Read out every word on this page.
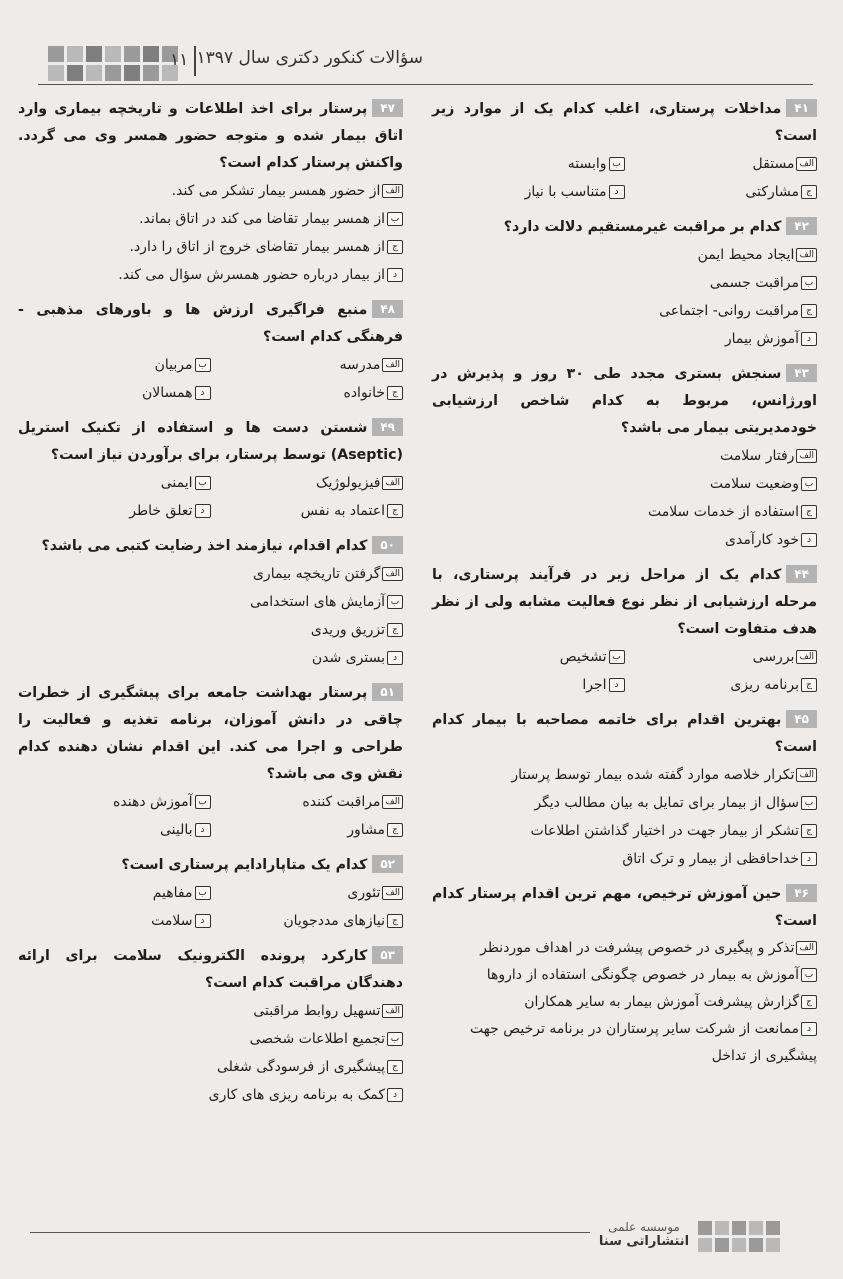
۱۱ سؤالات کنکور دکتری سال ۱۳۹۷
۴۱مداخلات پرستاری، اغلب کدام یک از موارد زیر است؟
الفمستقل
بوابسته
جمشارکتی
دمتناسب با نیاز
۴۲کدام بر مراقبت غیرمستقیم دلالت دارد؟
الفایجاد محیط ایمن
بمراقبت جسمی
جمراقبت روانی- اجتماعی
دآموزش بیمار
۴۳سنجش بستری مجدد طی ۳۰ روز و پذیرش در اورژانس، مربوط به کدام شاخص ارزشیابی خودمدیریتی بیمار می باشد؟
الفرفتار سلامت
بوضعیت سلامت
جاستفاده از خدمات سلامت
دخود کارآمدی
۴۴کدام یک از مراحل زیر در فرآیند پرستاری، با مرحله ارزشیابی از نظر نوع فعالیت مشابه ولی از نظر هدف متفاوت است؟
الفبررسی
بتشخیص
جبرنامه ریزی
داجرا
۴۵بهترین اقدام برای خاتمه مصاحبه با بیمار کدام است؟
الفتکرار خلاصه موارد گفته شده بیمار توسط پرستار
بسؤال از بیمار برای تمایل به بیان مطالب دیگر
جتشکر از بیمار جهت در اختیار گذاشتن اطلاعات
دخداحافظی از بیمار و ترک اتاق
۴۶حین آموزش ترخیص، مهم ترین اقدام پرستار کدام است؟
الفتذکر و پیگیری در خصوص پیشرفت در اهداف موردنظر
بآموزش به بیمار در خصوص چگونگی استفاده از داروها
جگزارش پیشرفت آموزش بیمار به سایر همکاران
دممانعت از شرکت سایر پرستاران در برنامه ترخیص جهت پیشگیری از تداخل
۴۷پرستار برای اخذ اطلاعات و تاریخچه بیماری وارد اتاق بیمار شده و متوجه حضور همسر وی می گردد. واکنش پرستار کدام است؟
الفاز حضور همسر بیمار تشکر می کند.
باز همسر بیمار تقاضا می کند در اتاق بماند.
جاز همسر بیمار تقاضای خروج از اتاق را دارد.
داز بیمار درباره حضور همسرش سؤال می کند.
۴۸منبع فراگیری ارزش ها و باورهای مذهبی - فرهنگی کدام است؟
الفمدرسه
بمربیان
جخانواده
دهمسالان
۴۹شستن دست ها و استفاده از تکنیک استریل (Aseptic) توسط پرستار، برای برآوردن نیاز است؟
الففیزیولوژیک
بایمنی
جاعتماد به نفس
دتعلق خاطر
۵۰کدام اقدام، نیازمند اخذ رضایت کتبی می باشد؟
الفگرفتن تاریخچه بیماری
بآزمایش های استخدامی
جتزریق وریدی
دبستری شدن
۵۱پرستار بهداشت جامعه برای پیشگیری از خطرات چاقی در دانش آموزان، برنامه تغذیه و فعالیت را طراحی و اجرا می کند. این اقدام نشان دهنده کدام نقش وی می باشد؟
الفمراقبت کننده
بآموزش دهنده
جمشاور
دبالینی
۵۲کدام یک متاپارادایم پرستاری است؟
الفتئوری
بمفاهیم
جنیازهای مددجویان
دسلامت
۵۳کارکرد پرونده الکترونیک سلامت برای ارائه دهندگان مراقبت کدام است؟
الفتسهیل روابط مراقبتی
بتجمیع اطلاعات شخصی
جپیشگیری از فرسودگی شغلی
دکمک به برنامه ریزی های کاری
موسسه علمی
انتشاراتی سنا
